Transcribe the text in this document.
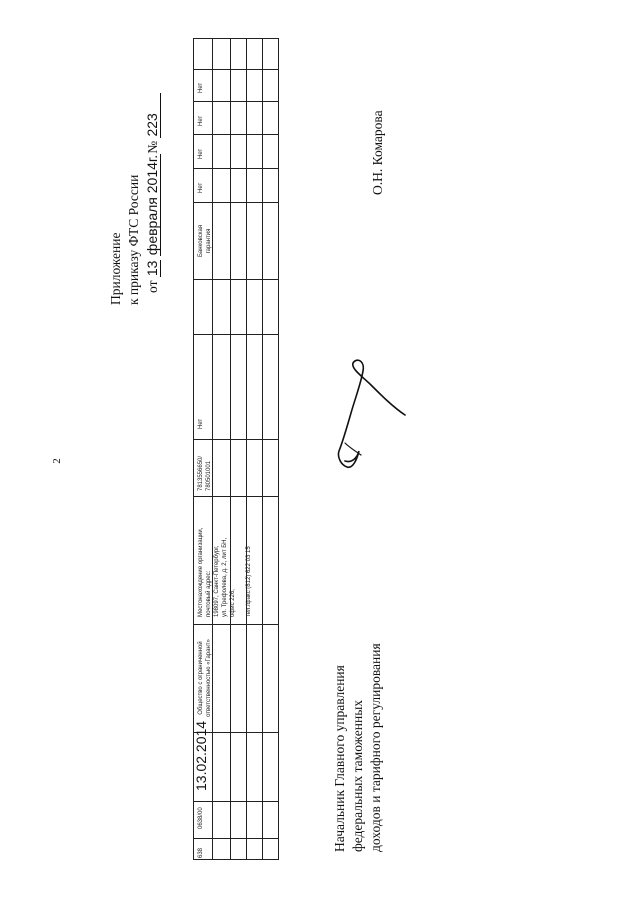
2
Приложение к приказу ФТС России от 13 февраля 2014г.№ 223
638
0638/00
13.02.2014
Общество с ограниченной ответственностью «Гарант»
Местонахождение организации, почтовый адрес: 198097, Санкт-Петербург, ул. Трефолева, д. 2, лит БН, офис 226, тел./факс (812) 622 03 15
7813556650/ 780501001
Нет
Банковская гарантия
Нет
Нет
Нет
Нет
Начальник Главного управления федеральных таможенных доходов и тарифного регулирования
О.Н. Комарова
